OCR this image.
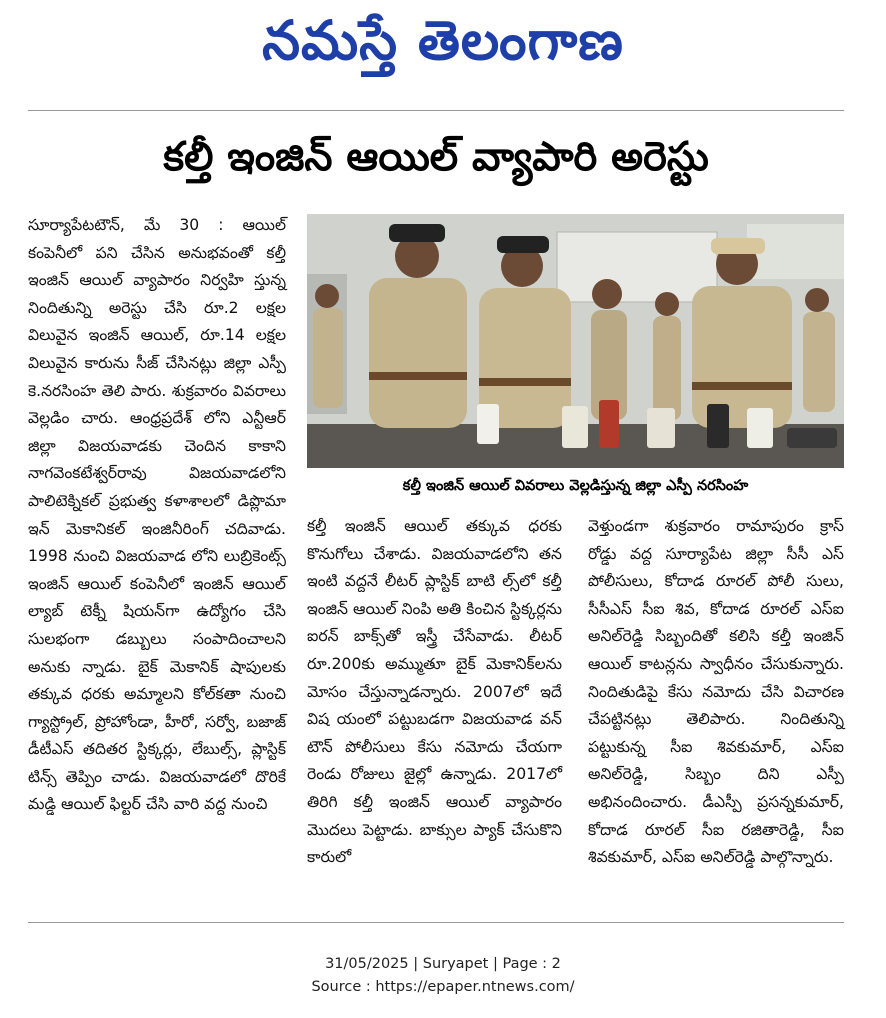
నమస్తే తెలంగాణ
కల్తీ ఇంజిన్ ఆయిల్ వ్యాపారి అరెస్టు

సూర్యాపేటటౌన్, మే 30 : ఆయిల్ కంపెనీలో పని చేసిన అనుభవంతో కల్తీ ఇంజిన్ ఆయిల్ వ్యాపారం నిర్వహి స్తున్న నిందితున్ని అరెస్టు చేసి రూ.2 లక్షల విలువైన ఇంజిన్ ఆయిల్, రూ.14 లక్షల విలువైన కారును సీజ్ చేసినట్లు జిల్లా ఎస్పీ కె.నరసింహ తెలి పారు. శుక్రవారం వివరాలు వెల్లడిం చారు. ఆంధ్రప్రదేశ్ లోని ఎన్టీఆర్ జిల్లా విజయవాడకు చెందిన కాకాని నాగవెంకటేశ్వర్‌రావు విజయవాడలోని పాలిటెక్నికల్ ప్రభుత్వ కళాశాలలో డిప్లొమా ఇన్ మెకానికల్ ఇంజినీరింగ్ చదివాడు. 1998 నుంచి విజయవాడ లోని లుబ్రికెంట్స్ ఇంజిన్ ఆయిల్ కంపెనీలో ఇంజిన్ ఆయిల్ ల్యాబ్ టెక్నీ షియన్‌గా ఉద్యోగం చేసి సులభంగా డబ్బులు సంపాదించాలని అనుకు న్నాడు. బైక్ మెకానిక్ షాపులకు తక్కువ ధరకు అమ్మాలని కోల్‌కతా నుంచి గ్యాస్ట్రోల్, ప్రోహోండా, హీరో, సర్వో, బజాజ్ డీటీఎస్ తదితర స్టిక్కర్లు, లేబుల్స్, ప్లాస్టిక్ టిన్స్ తెప్పిం చాడు. విజయవాడలో దొరికే మడ్డి ఆయిల్ ఫిల్టర్ చేసి వారి వద్ద నుంచి

కల్తీ ఇంజిన్ ఆయిల్ వివరాలు వెల్లడిస్తున్న జిల్లా ఎస్పీ నరసింహ

కల్తీ ఇంజిన్ ఆయిల్ తక్కువ ధరకు కొనుగోలు చేశాడు. విజయవాడలోని తన ఇంటి వద్దనే లీటర్ ప్లాస్టిక్ బాటి ల్స్‌లో కల్తీ ఇంజిన్ ఆయిల్ నింపి అతి కించిన స్టిక్కర్లను ఐరన్ బాక్స్‌తో ఇస్త్రీ చేసేవాడు. లీటర్ రూ.200కు అమ్ముతూ బైక్ మెకానిక్‌లను మోసం చేస్తున్నాడన్నారు. 2007లో ఇదే విష యంలో పట్టుబడగా విజయవాడ వన్ టౌన్ పోలీసులు కేసు నమోదు చేయగా రెండు రోజులు జైల్లో ఉన్నాడు. 2017లో తిరిగి కల్తీ ఇంజిన్ ఆయిల్ వ్యాపారం మొదలు పెట్టాడు. బాక్సుల ప్యాక్ చేసుకొని కారులో

వెళ్తుండగా శుక్రవారం రామాపురం క్రాస్ రోడ్డు వద్ద సూర్యాపేట జిల్లా సీసీ ఎస్ పోలీసులు, కోదాడ రూరల్ పోలీ సులు, సీసీఎస్ సీఐ శివ, కోదాడ రూరల్ ఎస్ఐ అనిల్‌రెడ్డి సిబ్బందితో కలిసి కల్తీ ఇంజిన్ ఆయిల్ కాటన్లను స్వాధీనం చేసుకున్నారు. నిందితుడిపై కేసు నమోదు చేసి విచారణ చేపట్టినట్లు తెలిపారు. నిందితున్ని పట్టుకున్న సీఐ శివకుమార్, ఎస్ఐ అనిల్‌రెడ్డి, సిబ్బం దిని ఎస్పీ అభినందించారు. డీఎస్పీ ప్రసన్నకుమార్, కోదాడ రూరల్ సీఐ రజితారెడ్డి, సీఐ శివకుమార్, ఎస్ఐ అనిల్‌రెడ్డి పాల్గొన్నారు.

31/05/2025 | Suryapet | Page : 2
Source : https://epaper.ntnews.com/
